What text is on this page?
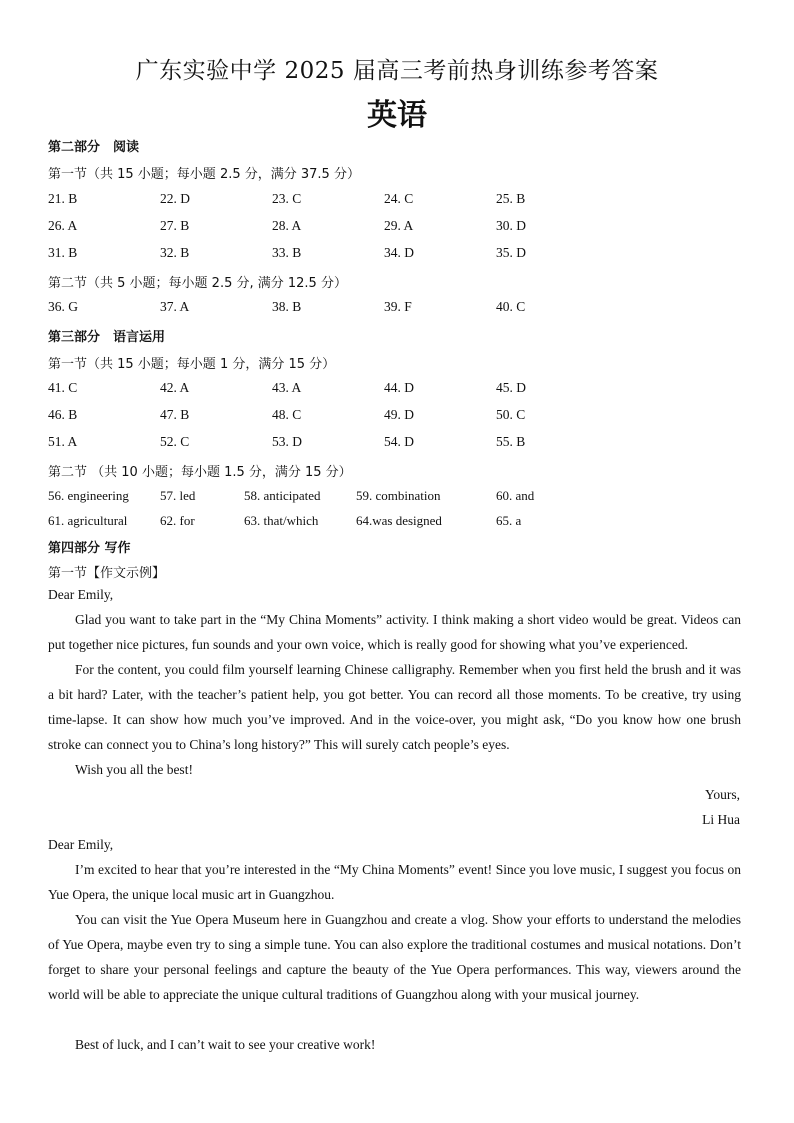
广东实验中学 2025 届高三考前热身训练参考答案
英语
第二部分　阅读
第一节（共 15 小题；每小题 2.5 分，满分 37.5 分）
21. B	22. D	23. C	24. C	25. B
26. A	27. B	28. A	29. A	30. D
31. B	32. B	33. B	34. D	35. D
第二节（共 5 小题；每小题 2.5 分, 满分 12.5 分）
36. G	37. A	38. B	39. F	40. C
第三部分　语言运用
第一节（共 15 小题；每小题 1 分，满分 15 分）
41. C	42. A	43. A	44. D	45. D
46. B	47. B	48. C	49. D	50. C
51. A	52. C	53. D	54. D	55. B
第二节 （共 10 小题；每小题 1.5 分，满分 15 分）
56. engineering 57. led	58. anticipated	59. combination	60. and
61. agricultural	62. for	63. that/which	64.was designed	65. a
第四部分 写作
第一节【作文示例】
Dear Emily,
Glad you want to take part in the “My China Moments” activity. I think making a short video would be great. Videos can put together nice pictures, fun sounds and your own voice, which is really good for showing what you’ve experienced.
For the content, you could film yourself learning Chinese calligraphy. Remember when you first held the brush and it was a bit hard? Later, with the teacher’s patient help, you got better. You can record all those moments. To be creative, try using time-lapse. It can show how much you’ve improved. And in the voice-over, you might ask, “Do you know how one brush stroke can connect you to China’s long history?” This will surely catch people’s eyes.
Wish you all the best!
Yours,
Li Hua
Dear Emily,
I’m excited to hear that you’re interested in the “My China Moments” event! Since you love music, I suggest you focus on Yue Opera, the unique local music art in Guangzhou.
You can visit the Yue Opera Museum here in Guangzhou and create a vlog. Show your efforts to understand the melodies of Yue Opera, maybe even try to sing a simple tune. You can also explore the traditional costumes and musical notations. Don’t forget to share your personal feelings and capture the beauty of the Yue Opera performances. This way, viewers around the world will be able to appreciate the unique cultural traditions of Guangzhou along with your musical journey.
Best of luck, and I can’t wait to see your creative work!
